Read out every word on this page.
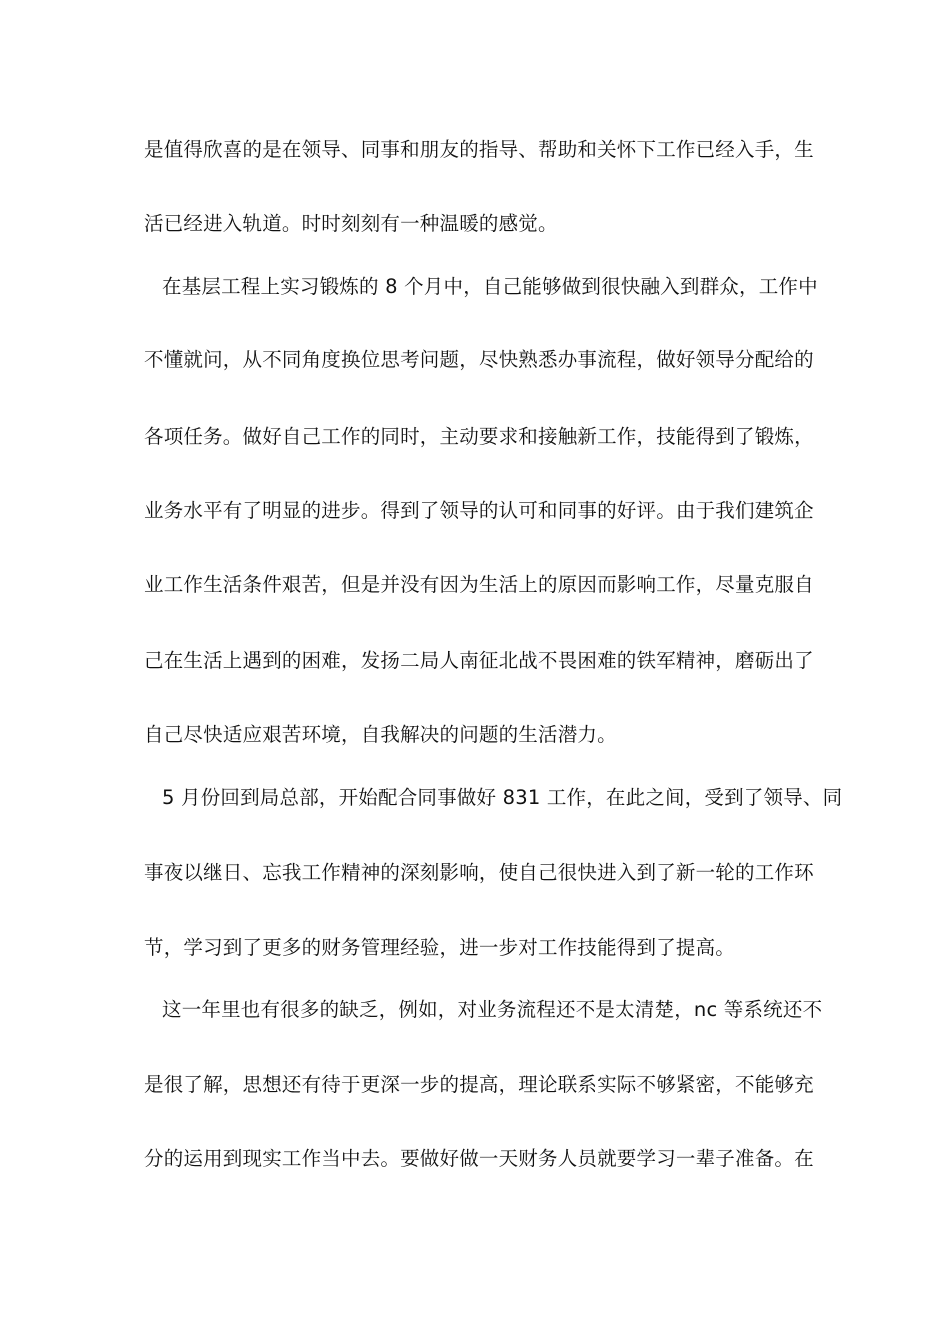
是值得欣喜的是在领导、同事和朋友的指导、帮助和关怀下工作已经入手，生
活已经进入轨道。时时刻刻有一种温暖的感觉。
在基层工程上实习锻炼的 8 个月中，自己能够做到很快融入到群众，工作中
不懂就问，从不同角度换位思考问题，尽快熟悉办事流程，做好领导分配给的
各项任务。做好自己工作的同时，主动要求和接触新工作，技能得到了锻炼，
业务水平有了明显的进步。得到了领导的认可和同事的好评。由于我们建筑企
业工作生活条件艰苦，但是并没有因为生活上的原因而影响工作，尽量克服自
己在生活上遇到的困难，发扬二局人南征北战不畏困难的铁军精神，磨砺出了
自己尽快适应艰苦环境，自我解决的问题的生活潜力。
5 月份回到局总部，开始配合同事做好 831 工作，在此之间，受到了领导、同
事夜以继日、忘我工作精神的深刻影响，使自己很快进入到了新一轮的工作环
节，学习到了更多的财务管理经验，进一步对工作技能得到了提高。
这一年里也有很多的缺乏，例如，对业务流程还不是太清楚，nc 等系统还不
是很了解，思想还有待于更深一步的提高，理论联系实际不够紧密，不能够充
分的运用到现实工作当中去。要做好做一天财务人员就要学习一辈子准备。在
